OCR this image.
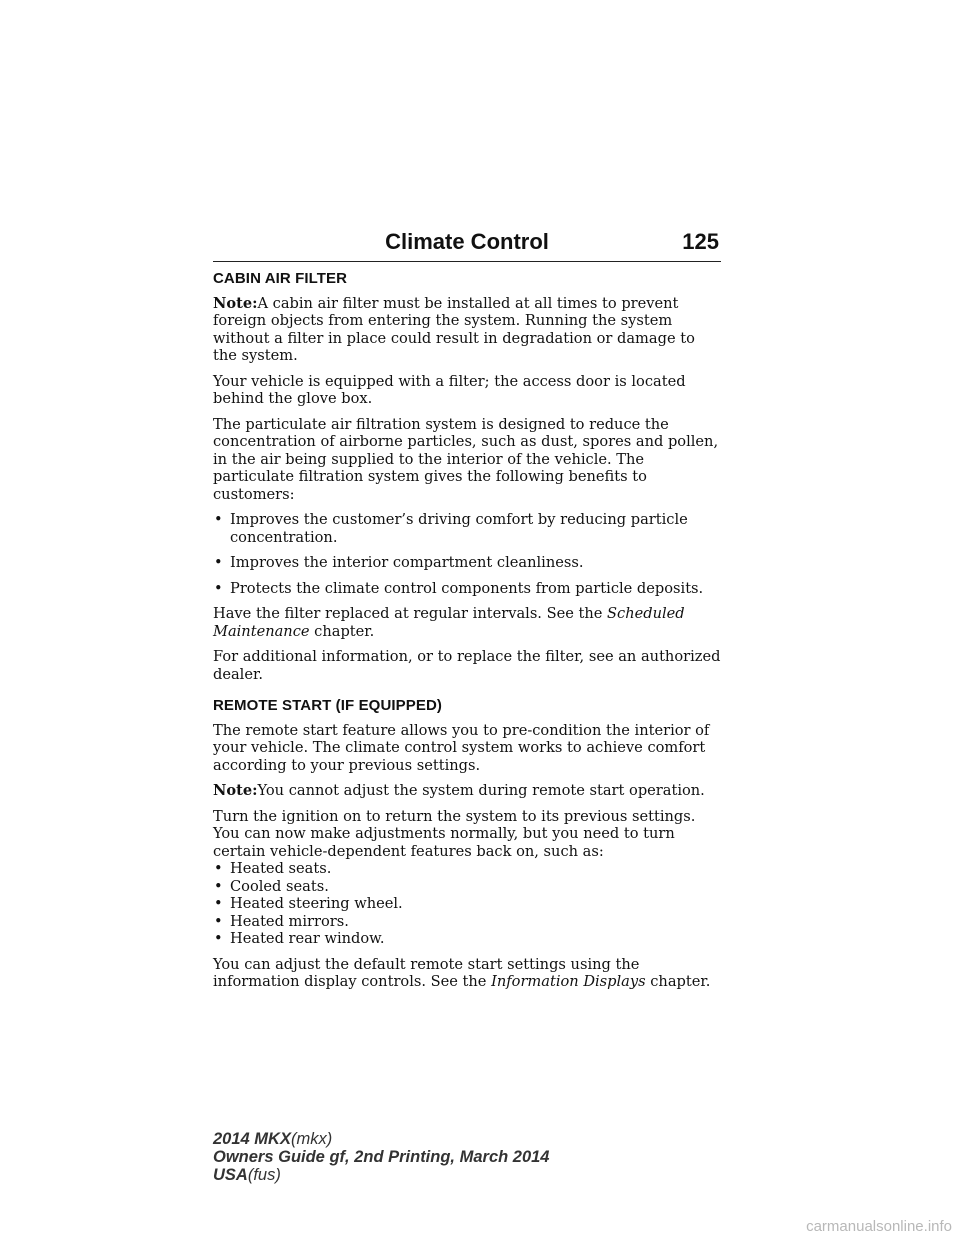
Climate Control	125
CABIN AIR FILTER

Note:A cabin air filter must be installed at all times to prevent foreign objects from entering the system. Running the system without a filter in place could result in degradation or damage to the system.

Your vehicle is equipped with a filter; the access door is located behind the glove box.

The particulate air filtration system is designed to reduce the concentration of airborne particles, such as dust, spores and pollen, in the air being supplied to the interior of the vehicle. The particulate filtration system gives the following benefits to customers:

• Improves the customer’s driving comfort by reducing particle concentration.
• Improves the interior compartment cleanliness.
• Protects the climate control components from particle deposits.

Have the filter replaced at regular intervals. See the Scheduled Maintenance chapter.

For additional information, or to replace the filter, see an authorized dealer.

REMOTE START (IF EQUIPPED)

The remote start feature allows you to pre-condition the interior of your vehicle. The climate control system works to achieve comfort according to your previous settings.

Note:You cannot adjust the system during remote start operation.

Turn the ignition on to return the system to its previous settings. You can now make adjustments normally, but you need to turn certain vehicle-dependent features back on, such as:

• Heated seats.
• Cooled seats.
• Heated steering wheel.
• Heated mirrors.
• Heated rear window.

You can adjust the default remote start settings using the information display controls. See the Information Displays chapter.

2014 MKX(mkx)
Owners Guide gf, 2nd Printing, March 2014
USA(fus)
carmanualsonline.info
